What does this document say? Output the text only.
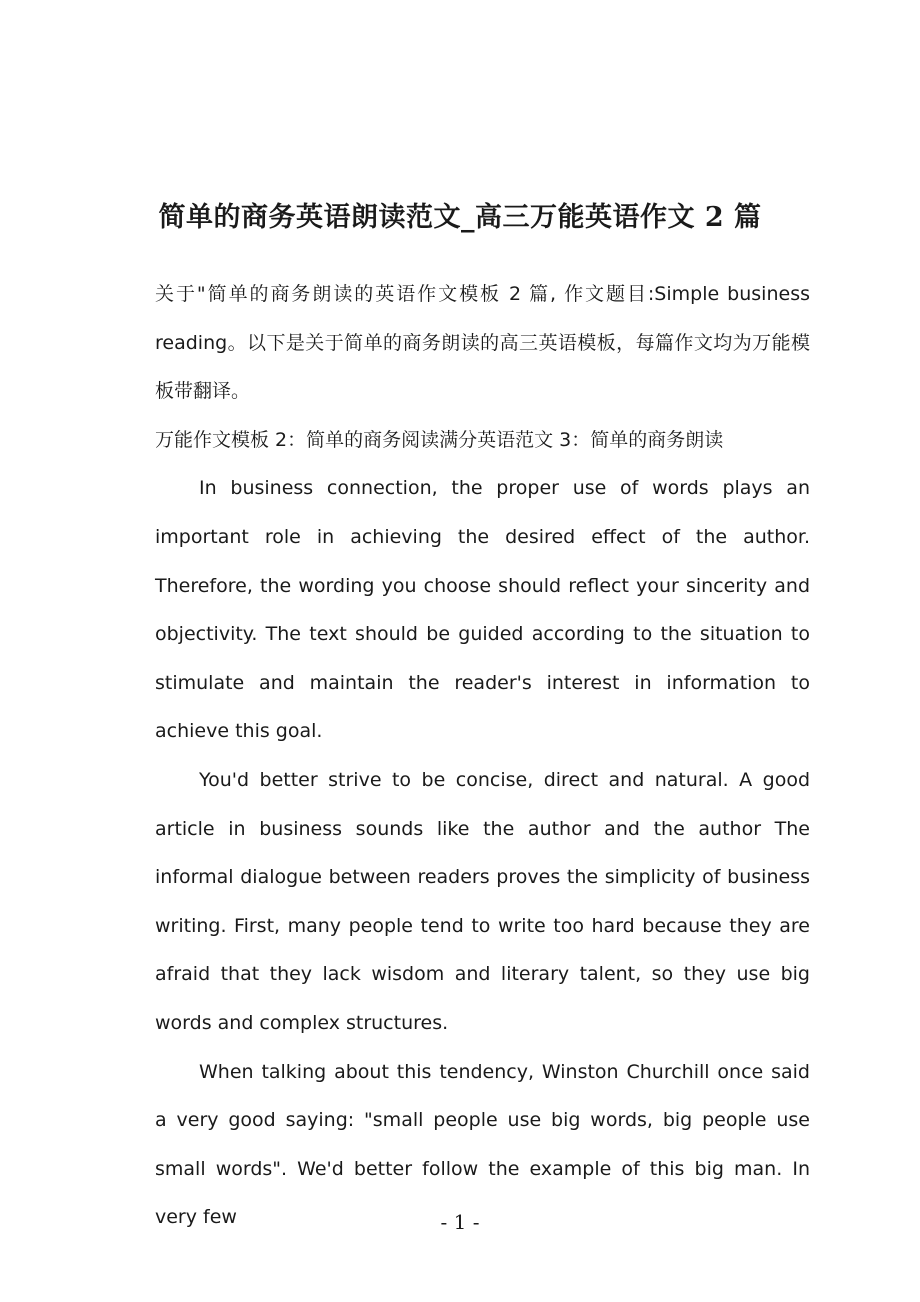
简单的商务英语朗读范文_高三万能英语作文 2 篇

关于"简单的商务朗读的英语作文模板 2 篇, 作文题目:Simple business reading。以下是关于简单的商务朗读的高三英语模板，每篇作文均为万能模板带翻译。

万能作文模板 2：简单的商务阅读满分英语范文 3：简单的商务朗读

In business connection, the proper use of words plays an important role in achieving the desired effect of the author. Therefore, the wording you choose should reflect your sincerity and objectivity. The text should be guided according to the situation to stimulate and maintain the reader's interest in information to achieve this goal.

You'd better strive to be concise, direct and natural. A good article in business sounds like the author and the author The informal dialogue between readers proves the simplicity of business writing. First, many people tend to write too hard because they are afraid that they lack wisdom and literary talent, so they use big words and complex structures.

When talking about this tendency, Winston Churchill once said a very good saying: "small people use big words, big people use small words". We'd better follow the example of this big man. In very few	- 1 -
